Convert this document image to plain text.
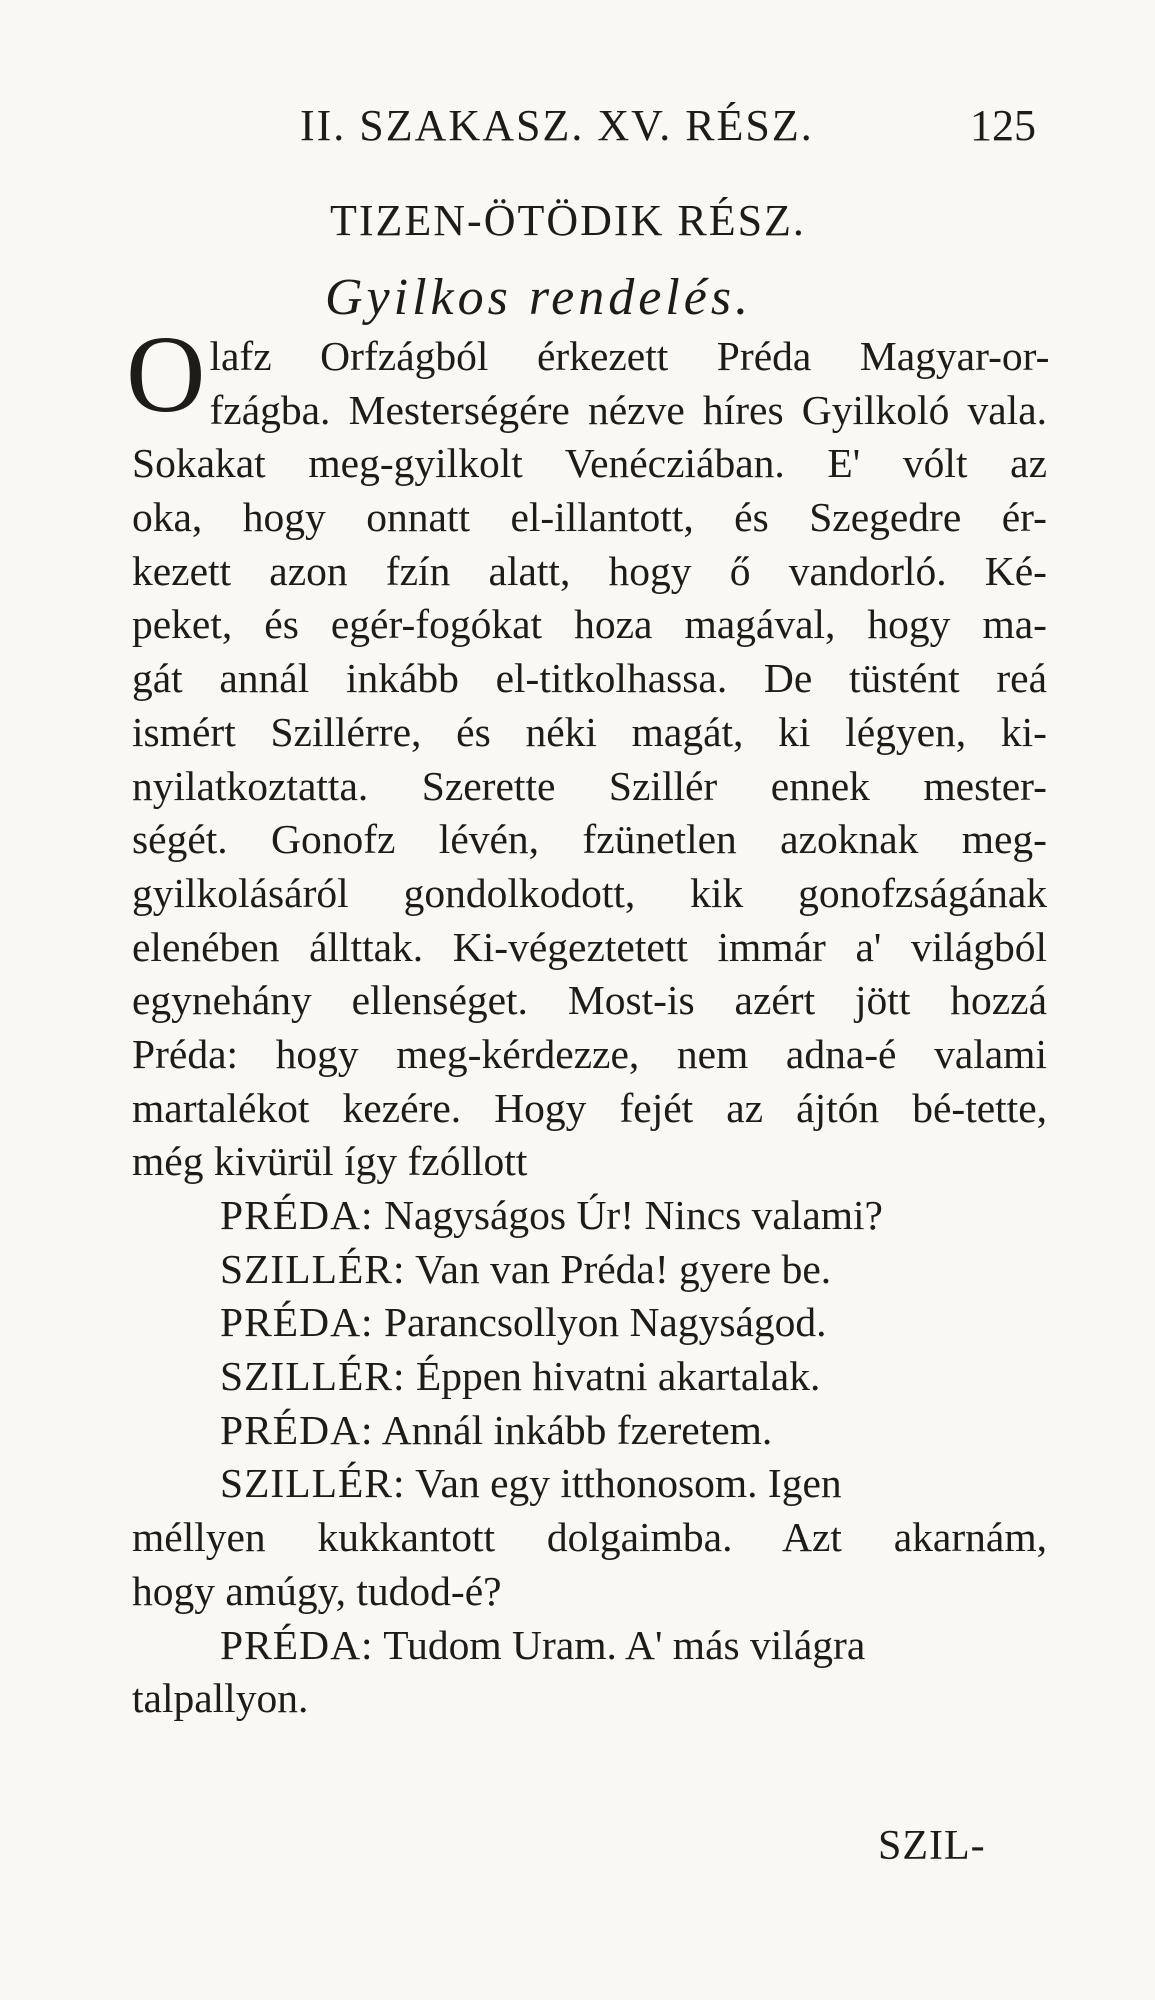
II. SZAKASZ. XV. RÉSZ.	125
TIZEN-ÖTÖDIK RÉSZ.
Gyilkos rendelés.
O lafz Orfzágból érkezett Préda Magyar-or-
fzágba. Mesterségére nézve híres Gyilkoló vala.
Sokakat meg-gyilkolt Venécziában. E' vólt az
oka, hogy onnatt el-illantott, és Szegedre ér-
kezett azon fzín alatt, hogy ő vandorló. Ké-
peket, és egér-fogókat hoza magával, hogy ma-
gát annál inkább el-titkolhassa. De tüstént reá
ismért Szillérre, és néki magát, ki légyen, ki-
nyilatkoztatta. Szerette Szillér ennek mester-
ségét. Gonofz lévén, fzünetlen azoknak meg-
gyilkolásáról gondolkodott, kik gonofzságának
elenében állttak. Ki-végeztetett immár a' világból
egynehány ellenséget. Most-is azért jött hozzá
Préda: hogy meg-kérdezze, nem adna-é valami
martalékot kezére. Hogy fejét az ájtón bé-tette,
még kivürül így fzóllott
PRÉDA: Nagyságos Úr! Nincs valami?
SZILLÉR: Van van Préda! gyere be.
PRÉDA: Parancsollyon Nagyságod.
SZILLÉR: Éppen hivatni akartalak.
PRÉDA: Annál inkább fzeretem.
SZILLÉR: Van egy itthonosom. Igen
méllyen kukkantott dolgaimba. Azt akarnám,
hogy amúgy, tudod-é?
PRÉDA: Tudom Uram. A' más világra
talpallyon.
SZIL-
